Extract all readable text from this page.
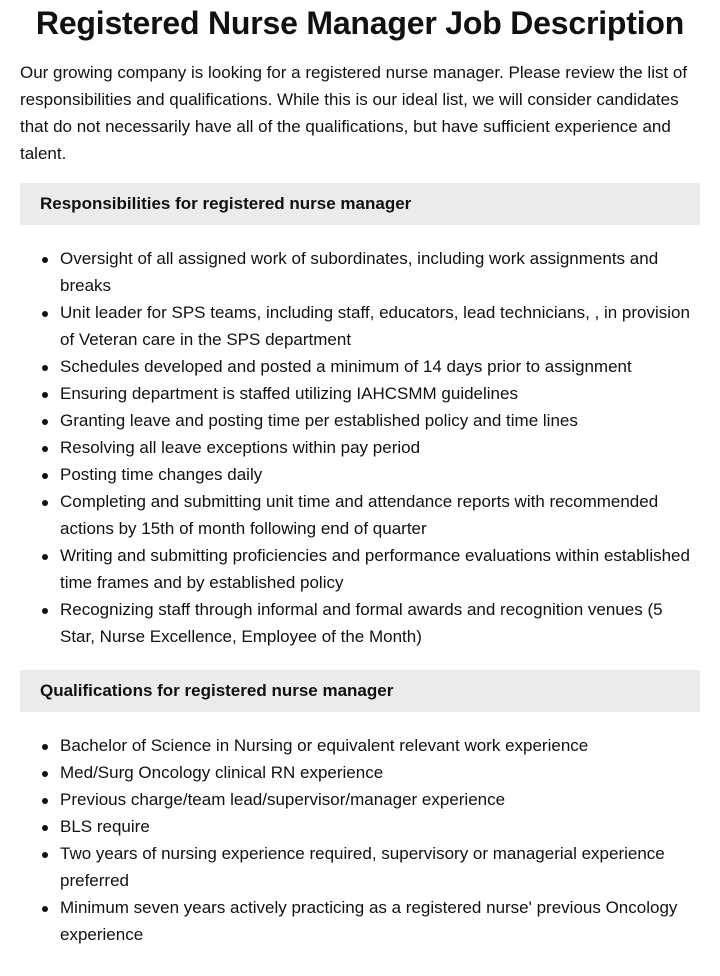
Registered Nurse Manager Job Description

Our growing company is looking for a registered nurse manager. Please review the list of responsibilities and qualifications. While this is our ideal list, we will consider candidates that do not necessarily have all of the qualifications, but have sufficient experience and talent.

Responsibilities for registered nurse manager
Oversight of all assigned work of subordinates, including work assignments and breaks
Unit leader for SPS teams, including staff, educators, lead technicians, , in provision of Veteran care in the SPS department
Schedules developed and posted a minimum of 14 days prior to assignment
Ensuring department is staffed utilizing IAHCSMM guidelines
Granting leave and posting time per established policy and time lines
Resolving all leave exceptions within pay period
Posting time changes daily
Completing and submitting unit time and attendance reports with recommended actions by 15th of month following end of quarter
Writing and submitting proficiencies and performance evaluations within established time frames and by established policy
Recognizing staff through informal and formal awards and recognition venues (5 Star, Nurse Excellence, Employee of the Month)
Qualifications for registered nurse manager
Bachelor of Science in Nursing or equivalent relevant work experience
Med/Surg Oncology clinical RN experience
Previous charge/team lead/supervisor/manager experience
BLS require
Two years of nursing experience required, supervisory or managerial experience preferred
Minimum seven years actively practicing as a registered nurse' previous Oncology experience
